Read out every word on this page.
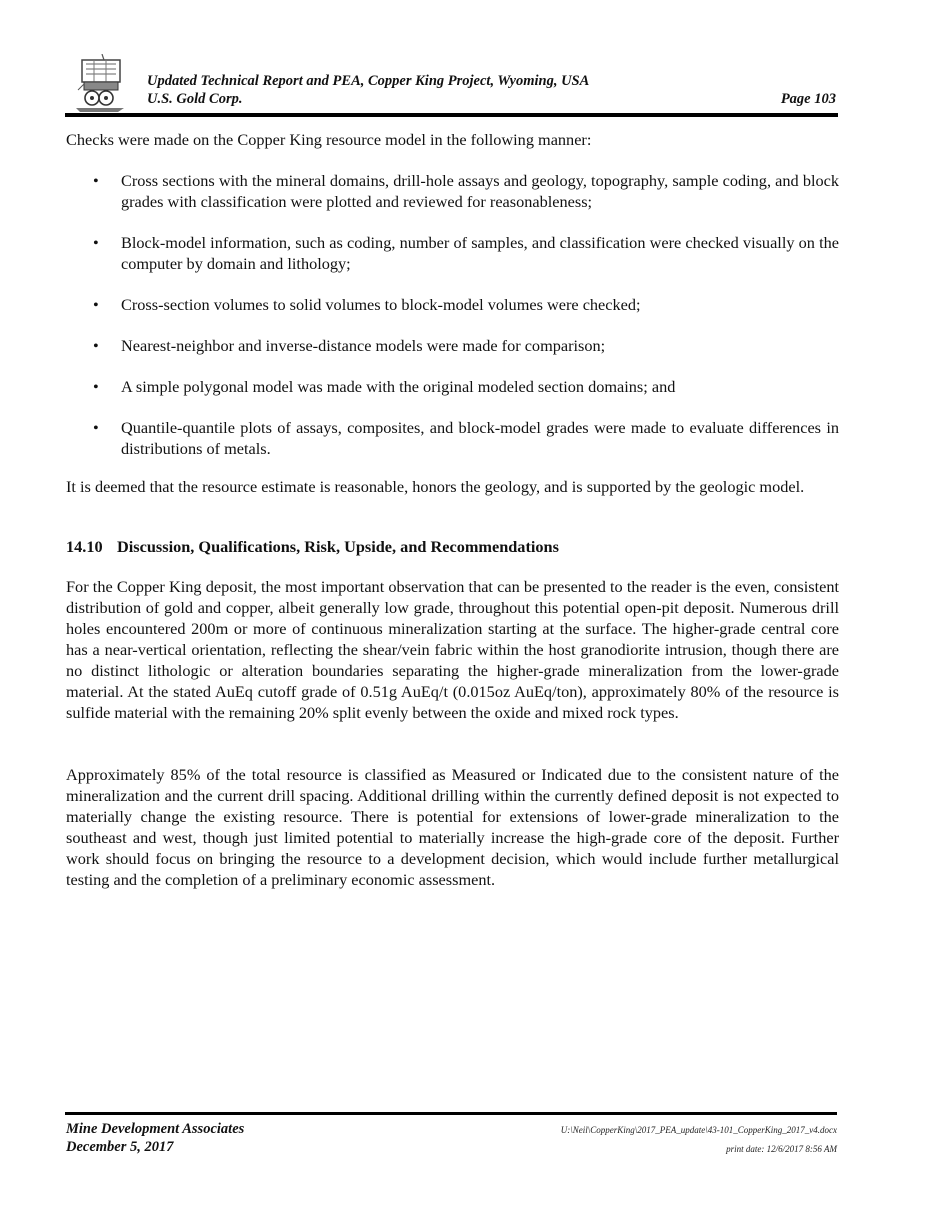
Updated Technical Report and PEA, Copper King Project, Wyoming, USA
U.S. Gold Corp.	Page 103

Checks were made on the Copper King resource model in the following manner:

• Cross sections with the mineral domains, drill-hole assays and geology, topography, sample coding, and block grades with classification were plotted and reviewed for reasonableness;
• Block-model information, such as coding, number of samples, and classification were checked visually on the computer by domain and lithology;
• Cross-section volumes to solid volumes to block-model volumes were checked;
• Nearest-neighbor and inverse-distance models were made for comparison;
• A simple polygonal model was made with the original modeled section domains; and
• Quantile-quantile plots of assays, composites, and block-model grades were made to evaluate differences in distributions of metals.

It is deemed that the resource estimate is reasonable, honors the geology, and is supported by the geologic model.

14.10 Discussion, Qualifications, Risk, Upside, and Recommendations

For the Copper King deposit, the most important observation that can be presented to the reader is the even, consistent distribution of gold and copper, albeit generally low grade, throughout this potential open-pit deposit. Numerous drill holes encountered 200m or more of continuous mineralization starting at the surface. The higher-grade central core has a near-vertical orientation, reflecting the shear/vein fabric within the host granodiorite intrusion, though there are no distinct lithologic or alteration boundaries separating the higher-grade mineralization from the lower-grade material. At the stated AuEq cutoff grade of 0.51g AuEq/t (0.015oz AuEq/ton), approximately 80% of the resource is sulfide material with the remaining 20% split evenly between the oxide and mixed rock types.

Approximately 85% of the total resource is classified as Measured or Indicated due to the consistent nature of the mineralization and the current drill spacing. Additional drilling within the currently defined deposit is not expected to materially change the existing resource. There is potential for extensions of lower-grade mineralization to the southeast and west, though just limited potential to materially increase the high-grade core of the deposit. Further work should focus on bringing the resource to a development decision, which would include further metallurgical testing and the completion of a preliminary economic assessment.

Mine Development Associates
December 5, 2017
U:\Neil\CopperKing\2017_PEA_update\43-101_CopperKing_2017_v4.docx
print date: 12/6/2017 8:56 AM
